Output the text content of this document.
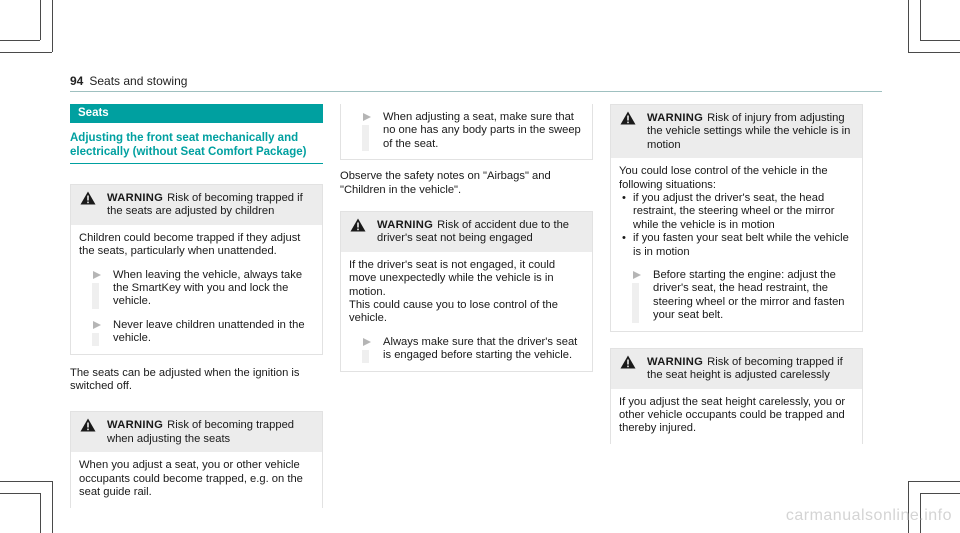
94 Seats and stowing
Seats
Adjusting the front seat mechanically and electrically (without Seat Comfort Package)
WARNING Risk of becoming trapped if the seats are adjusted by children

Children could become trapped if they adjust the seats, particularly when unattended.

When leaving the vehicle, always take the SmartKey with you and lock the vehicle.
Never leave children unattended in the vehicle.

The seats can be adjusted when the ignition is switched off.

WARNING Risk of becoming trapped when adjusting the seats

When you adjust a seat, you or other vehicle occupants could become trapped, e.g. on the seat guide rail.

When adjusting a seat, make sure that no one has any body parts in the sweep of the seat.

Observe the safety notes on "Airbags" and "Children in the vehicle".

WARNING Risk of accident due to the driver's seat not being engaged

If the driver's seat is not engaged, it could move unexpectedly while the vehicle is in motion.

This could cause you to lose control of the vehicle.

Always make sure that the driver's seat is engaged before starting the vehicle.
WARNING Risk of injury from adjusting the vehicle settings while the vehicle is in motion

You could lose control of the vehicle in the following situations:

• if you adjust the driver's seat, the head restraint, the steering wheel or the mirror while the vehicle is in motion
• if you fasten your seat belt while the vehicle is in motion
Before starting the engine: adjust the driver's seat, the head restraint, the steering wheel or the mirror and fasten your seat belt.
WARNING Risk of becoming trapped if the seat height is adjusted carelessly

If you adjust the seat height carelessly, you or other vehicle occupants could be trapped and thereby injured.

carmanualsonline.info
